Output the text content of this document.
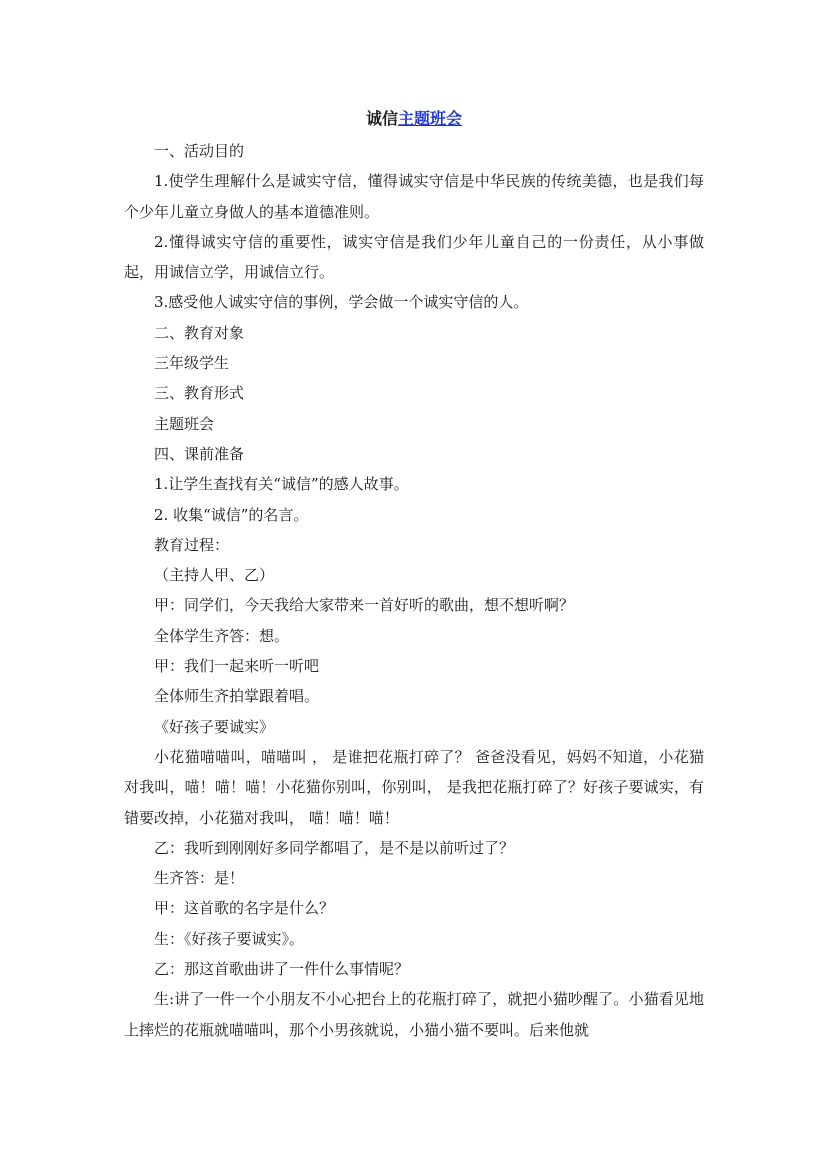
诚信主题班会

一、活动目的

1.使学生理解什么是诚实守信，懂得诚实守信是中华民族的传统美德，也是我们每个少年儿童立身做人的基本道德准则。

2.懂得诚实守信的重要性，诚实守信是我们少年儿童自己的一份责任，从小事做起，用诚信立学，用诚信立行。

3.感受他人诚实守信的事例，学会做一个诚实守信的人。

二、教育对象

三年级学生

三、教育形式

主题班会

四、课前准备

1.让学生查找有关“诚信”的感人故事。

2. 收集“诚信”的名言。

教育过程：

（主持人甲、乙）

甲：同学们，今天我给大家带来一首好听的歌曲，想不想听啊？

全体学生齐答：想。

甲：我们一起来听一听吧

全体师生齐拍掌跟着唱。

《好孩子要诚实》

小花猫喵喵叫，喵喵叫 ， 是谁把花瓶打碎了？ 爸爸没看见，妈妈不知道，小花猫对我叫，喵！喵！喵！小花猫你别叫，你别叫， 是我把花瓶打碎了？好孩子要诚实，有错要改掉，小花猫对我叫， 喵！喵！喵！

乙：我听到刚刚好多同学都唱了，是不是以前听过了？

生齐答：是！

甲：这首歌的名字是什么？

生：《好孩子要诚实》。

乙：那这首歌曲讲了一件什么事情呢？

生:讲了一件一个小朋友不小心把台上的花瓶打碎了，就把小猫吵醒了。小猫看见地上摔烂的花瓶就喵喵叫，那个小男孩就说，小猫小猫不要叫。后来他就
